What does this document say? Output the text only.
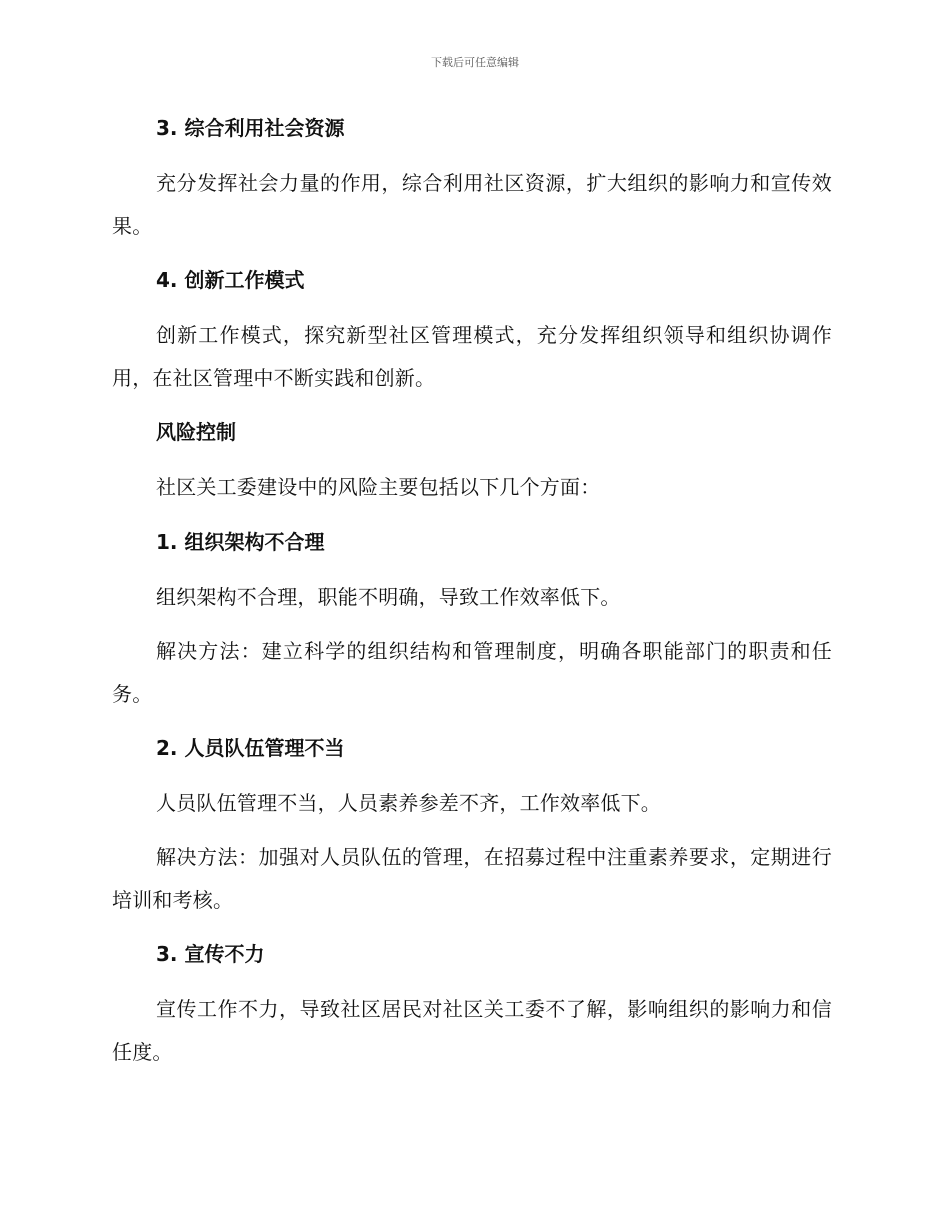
下载后可任意编辑
3. 综合利用社会资源
充分发挥社会力量的作用，综合利用社区资源，扩大组织的影响力和宣传效果。
4. 创新工作模式
创新工作模式，探究新型社区管理模式，充分发挥组织领导和组织协调作用，在社区管理中不断实践和创新。
风险控制
社区关工委建设中的风险主要包括以下几个方面：
1. 组织架构不合理
组织架构不合理，职能不明确，导致工作效率低下。
解决方法：建立科学的组织结构和管理制度，明确各职能部门的职责和任务。
2. 人员队伍管理不当
人员队伍管理不当，人员素养参差不齐，工作效率低下。
解决方法：加强对人员队伍的管理，在招募过程中注重素养要求，定期进行培训和考核。
3. 宣传不力
宣传工作不力，导致社区居民对社区关工委不了解，影响组织的影响力和信任度。
